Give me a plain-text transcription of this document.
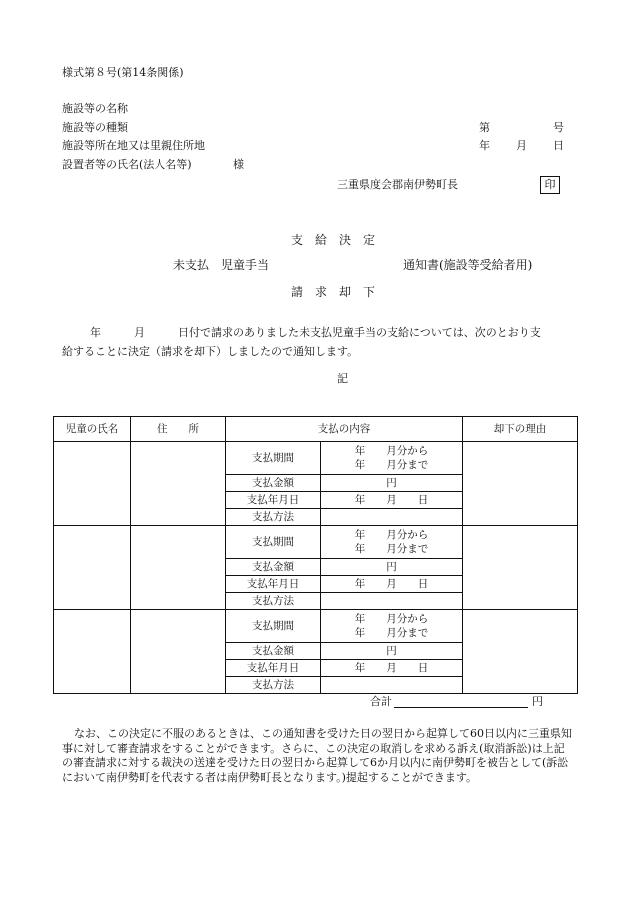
様式第８号(第14条関係)
施設等の名称
施設等の種類
施設等所在地又は里親住所地
設置者等の氏名(法人名等)	様
第	号
年 月 日
三重県度会郡南伊勢町長	印
支　給　決　定
未支払　児童手当	通知書(施設等受給者用)
請　求　却　下
年　　　月　　　日付で請求のありました未支払児童手当の支給については、次のとおり支
給することに決定（請求を却下）しましたので通知します。
記
児童の氏名	住　　所	支払の内容		却下の理由
		支払期間	年　　月分から
年　　月分まで	

		支払金額	円	
		支払年月日	年　　月　　日	
		支払方法		
		支払期間	年　　月分から
年　　月分まで	

		支払金額	円	
		支払年月日	年　　月　　日	
		支払方法		
		支払期間	年　　月分から
年　　月分まで	

		支払金額	円	
		支払年月日	年　　月　　日	
		支払方法		
合計	円
なお、この決定に不服のあるときは、この通知書を受けた日の翌日から起算して60日以内に三重県知事に対して審査請求をすることができます。さらに、この決定の取消しを求める訴え(取消訴訟)は上記の審査請求に対する裁決の送達を受けた日の翌日から起算して6か月以内に南伊勢町を被告として(訴訟において南伊勢町を代表する者は南伊勢町長となります。)提起することができます。
